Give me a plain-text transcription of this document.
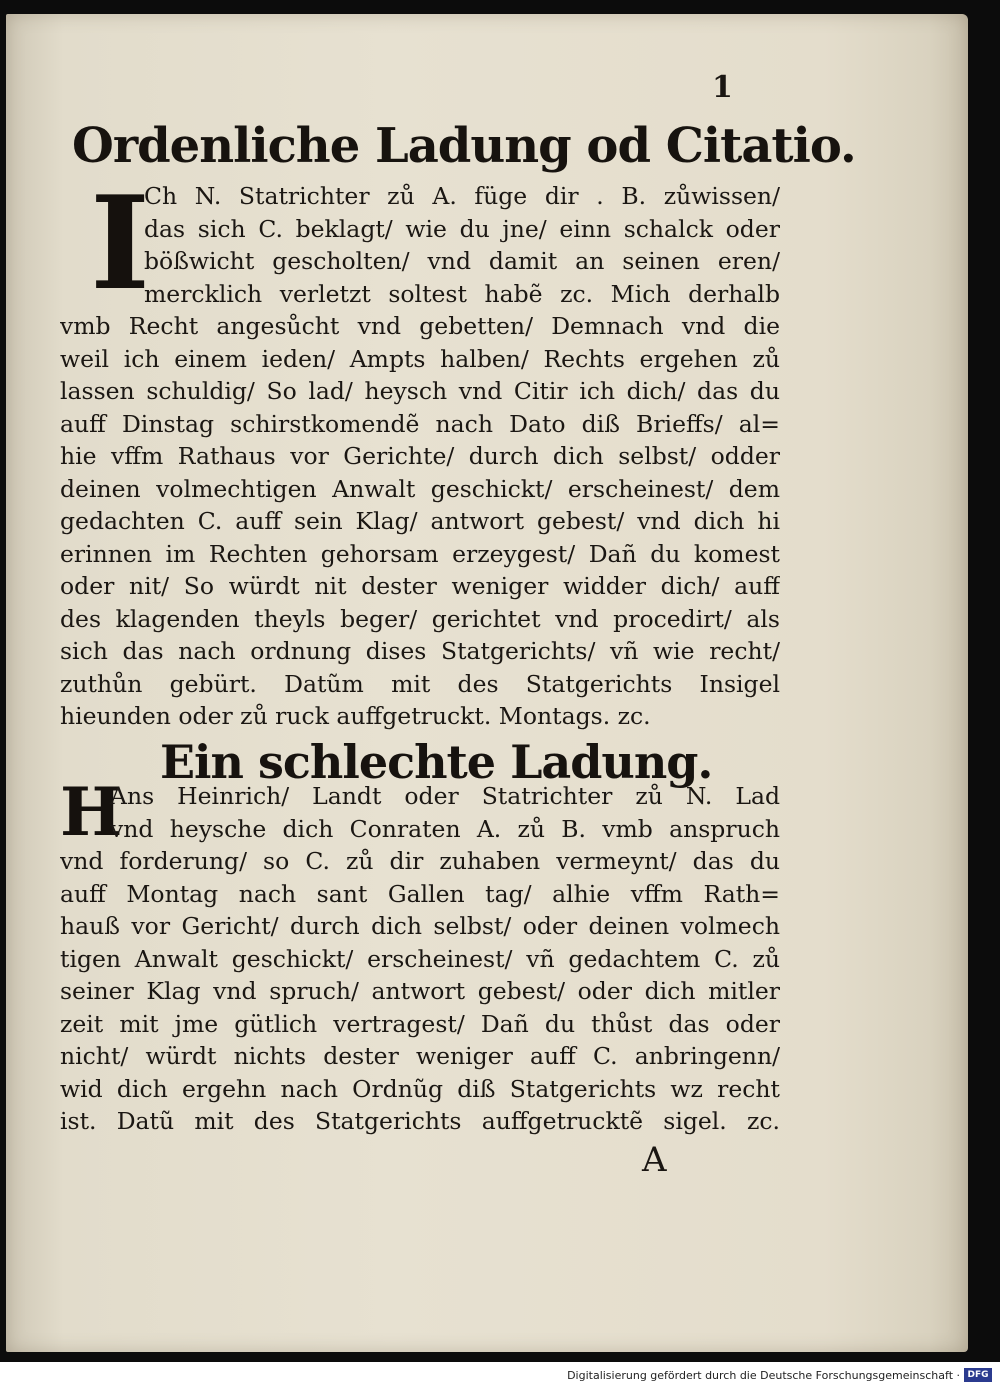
1
Ordenliche Ladung od Citatio.
I
Ch N. Statrichter zů A. füge dir . B. zůwissen/
das sich C. beklagt/ wie du jne/ einn schalck oder
bößwicht gescholten/ vnd damit an seinen eren/
mercklich verletzt soltest habẽ zc. Mich derhalb
vmb Recht angesůcht vnd gebetten/ Demnach vnd die
weil ich einem ieden/ Ampts halben/ Rechts ergehen zů
lassen schuldig/ So lad/ heysch vnd Citir ich dich/ das du
auff Dinstag schirstkomendẽ nach Dato diß Brieffs/ al=
hie vffm Rathaus vor Gerichte/ durch dich selbst/ odder
deinen volmechtigen Anwalt geschickt/ erscheinest/ dem
gedachten C. auff sein Klag/ antwort gebest/ vnd dich hi
erinnen im Rechten gehorsam erzeygest/ Dañ du komest
oder nit/ So würdt nit dester weniger widder dich/ auff
des klagenden theyls beger/ gerichtet vnd procedirt/ als
sich das nach ordnung dises Statgerichts/ vñ wie recht/
zuthůn gebürt. Datũm mit des Statgerichts Insigel
hieunden oder zů ruck auffgetruckt. Montags. zc.
Ein schlechte Ladung.
H
Ans Heinrich/ Landt oder Statrichter zů N. Lad
vnd heysche dich Conraten A. zů B. vmb anspruch
vnd forderung/ so C. zů dir zuhaben vermeynt/ das du
auff Montag nach sant Gallen tag/ alhie vffm Rath=
hauß vor Gericht/ durch dich selbst/ oder deinen volmech
tigen Anwalt geschickt/ erscheinest/ vñ gedachtem C. zů
seiner Klag vnd spruch/ antwort gebest/ oder dich mitler
zeit mit jme gütlich vertragest/ Dañ du thůst das oder
nicht/ würdt nichts dester weniger auff C. anbringenn/
wid dich ergehn nach Ordnũg diß Statgerichts wz recht
ist. Datũ mit des Statgerichts auffgetrucktẽ sigel. zc.
A
Digitalisierung gefördert durch die Deutsche Forschungsgemeinschaft · DFG
